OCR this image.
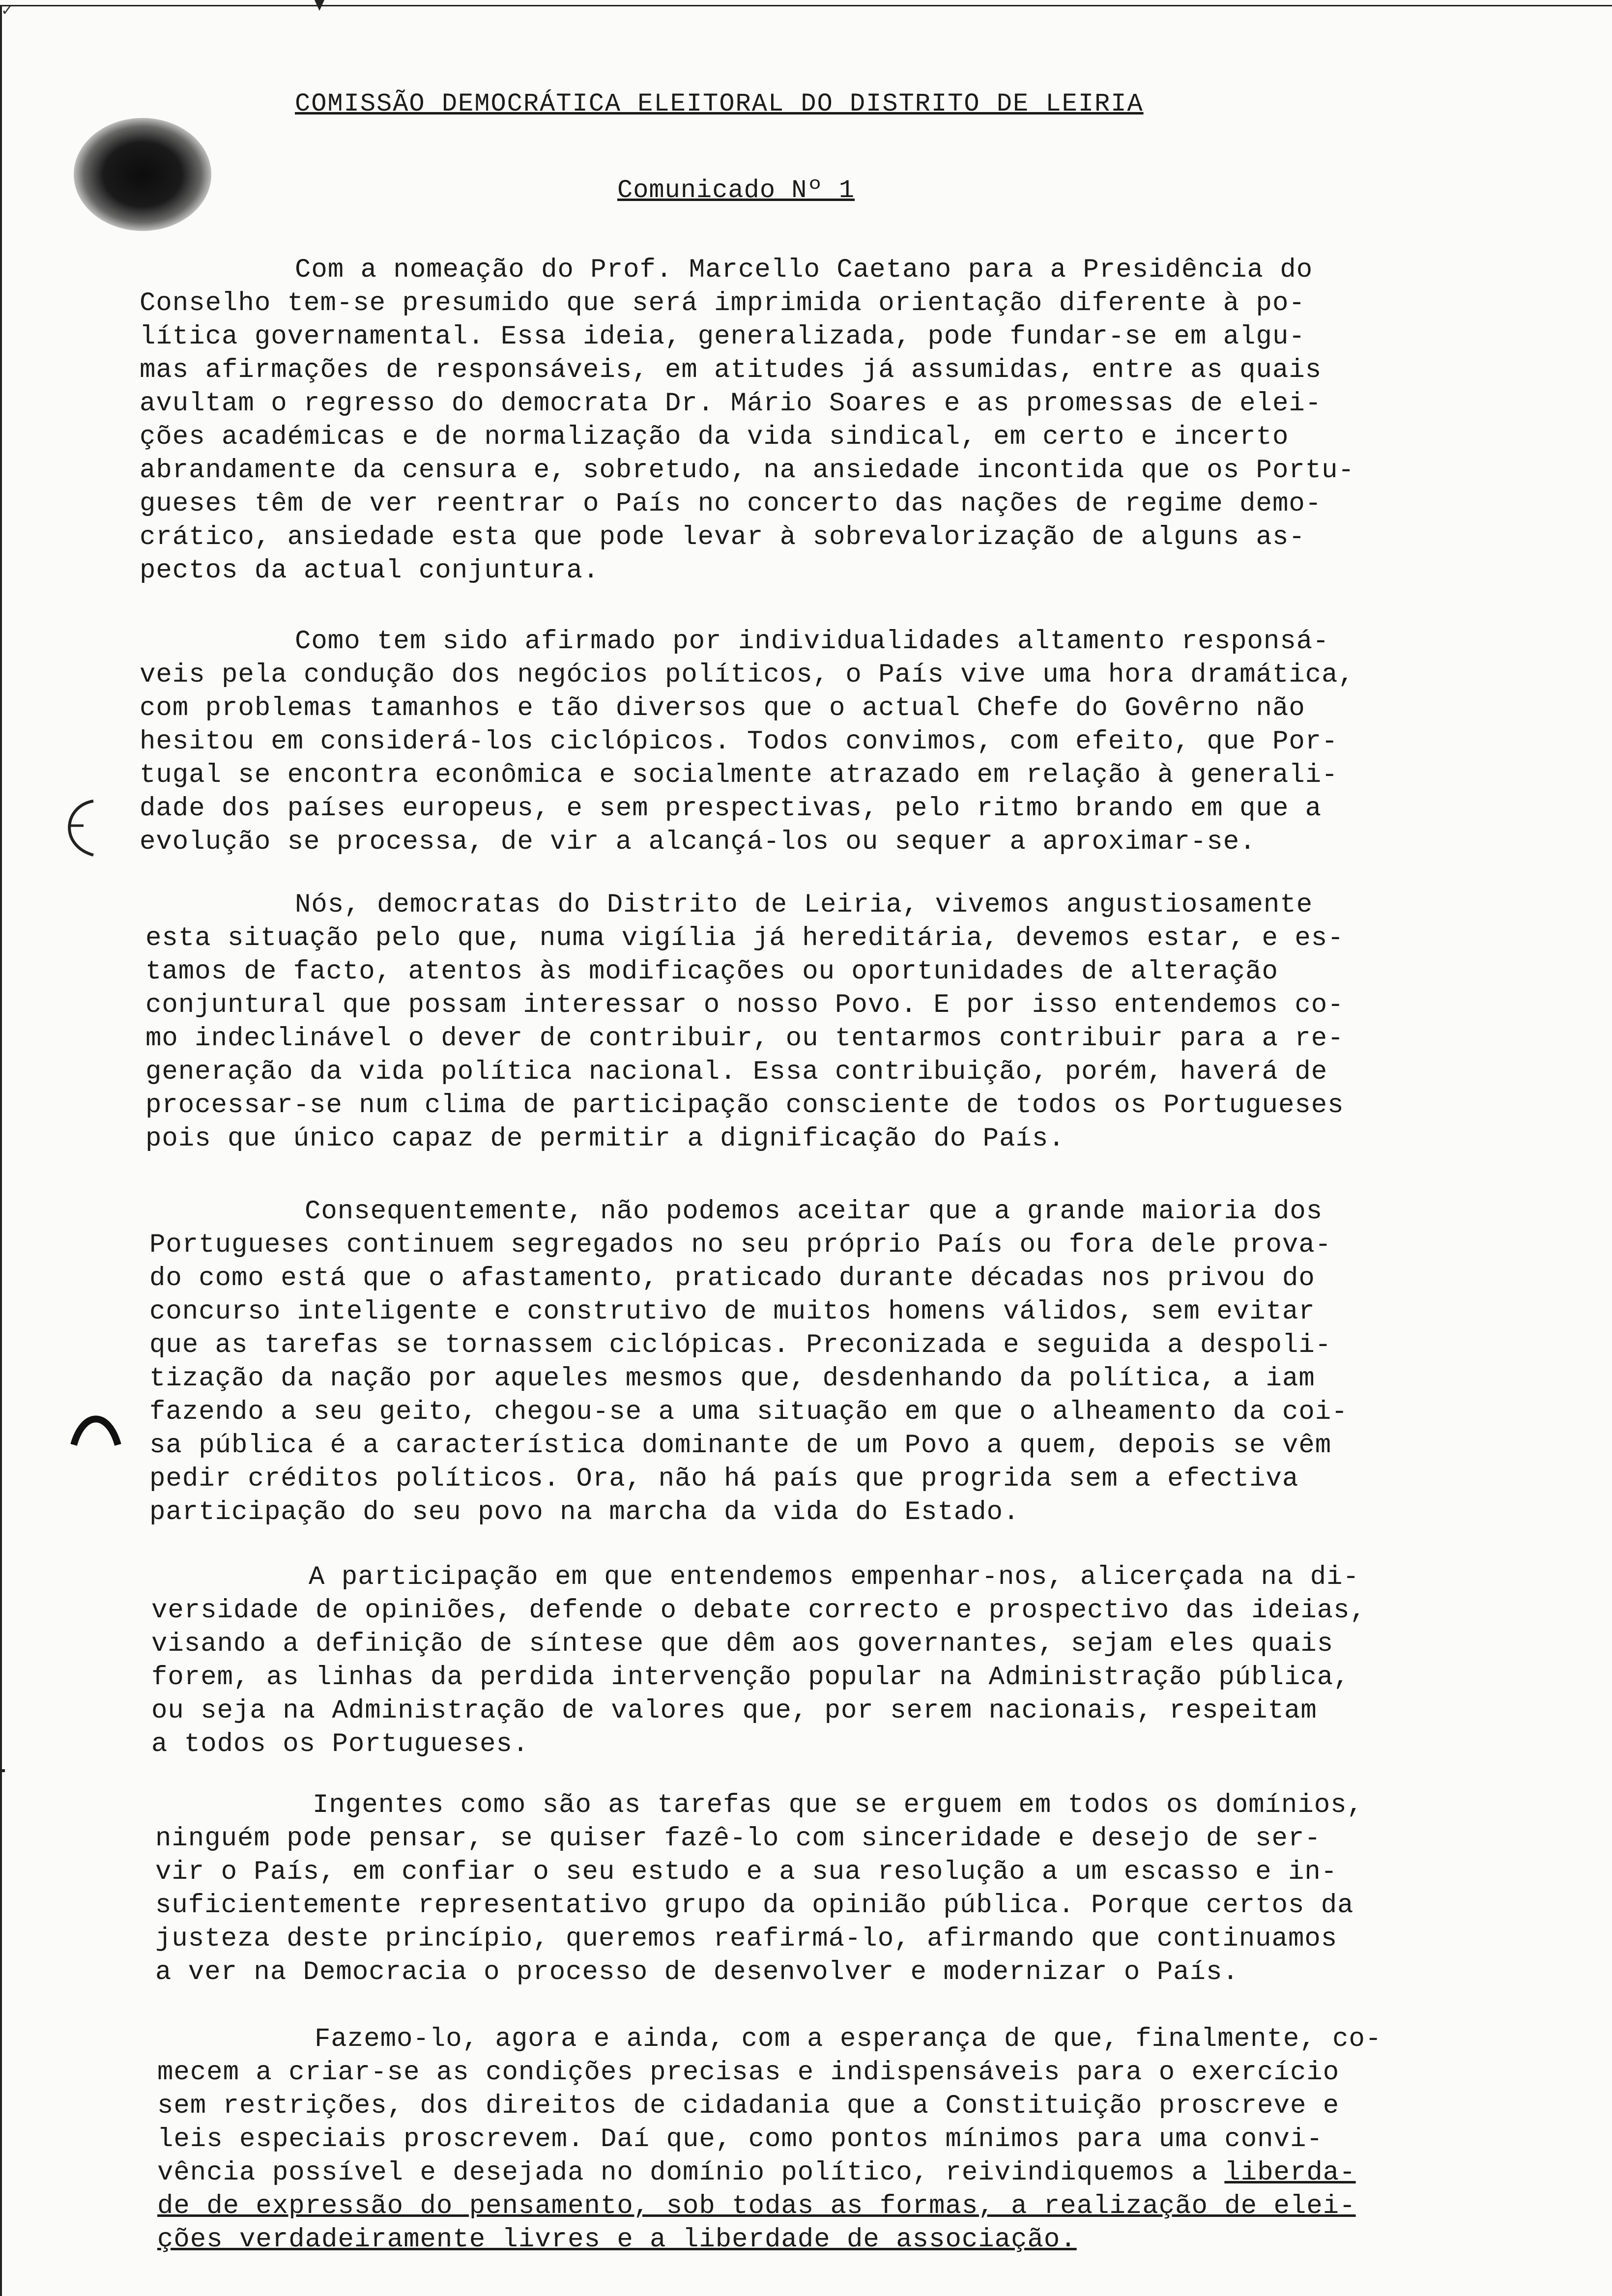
✓
COMISSÃO DEMOCRÁTICA ELEITORAL DO DISTRITO DE LEIRIA
Comunicado Nº 1
Com a nomeação do Prof. Marcello Caetano para a Presidência do
Conselho tem-se presumido que será imprimida orientação diferente à po-
lítica governamental. Essa ideia, generalizada, pode fundar-se em algu-
mas afirmações de responsáveis, em atitudes já assumidas, entre as quais
avultam o regresso do democrata Dr. Mário Soares e as promessas de elei-
ções académicas e de normalização da vida sindical, em certo e incerto
abrandamente da censura e, sobretudo, na ansiedade incontida que os Portu-
gueses têm de ver reentrar o País no concerto das nações de regime demo-
crático, ansiedade esta que pode levar à sobrevalorização de alguns as-
pectos da actual conjuntura.
Como tem sido afirmado por individualidades altamento responsá-
veis pela condução dos negócios políticos, o País vive uma hora dramática,
com problemas tamanhos e tão diversos que o actual Chefe do Govêrno não
hesitou em considerá-los ciclópicos. Todos convimos, com efeito, que Por-
tugal se encontra econômica e socialmente atrazado em relação à generali-
dade dos países europeus, e sem prespectivas, pelo ritmo brando em que a
evolução se processa, de vir a alcançá-los ou sequer a aproximar-se.
Nós, democratas do Distrito de Leiria, vivemos angustiosamente
esta situação pelo que, numa vigília já hereditária, devemos estar, e es-
tamos de facto, atentos às modificações ou oportunidades de alteração
conjuntural que possam interessar o nosso Povo. E por isso entendemos co-
mo indeclinável o dever de contribuir, ou tentarmos contribuir para a re-
generação da vida política nacional. Essa contribuição, porém, haverá de
processar-se num clima de participação consciente de todos os Portugueses
pois que único capaz de permitir a dignificação do País.
Consequentemente, não podemos aceitar que a grande maioria dos
Portugueses continuem segregados no seu próprio País ou fora dele prova-
do como está que o afastamento, praticado durante décadas nos privou do
concurso inteligente e construtivo de muitos homens válidos, sem evitar
que as tarefas se tornassem ciclópicas. Preconizada e seguida a despoli-
tização da nação por aqueles mesmos que, desdenhando da política, a iam
fazendo a seu geito, chegou-se a uma situação em que o alheamento da coi-
sa pública é a característica dominante de um Povo a quem, depois se vêm
pedir créditos políticos. Ora, não há país que progrida sem a efectiva
participação do seu povo na marcha da vida do Estado.
A participação em que entendemos empenhar-nos, alicerçada na di-
versidade de opiniões, defende o debate correcto e prospectivo das ideias,
visando a definição de síntese que dêm aos governantes, sejam eles quais
forem, as linhas da perdida intervenção popular na Administração pública,
ou seja na Administração de valores que, por serem nacionais, respeitam
a todos os Portugueses.
Ingentes como são as tarefas que se erguem em todos os domínios,
ninguém pode pensar, se quiser fazê-lo com sinceridade e desejo de ser-
vir o País, em confiar o seu estudo e a sua resolução a um escasso e in-
suficientemente representativo grupo da opinião pública. Porque certos da
justeza deste princípio, queremos reafirmá-lo, afirmando que continuamos
a ver na Democracia o processo de desenvolver e modernizar o País.
Fazemo-lo, agora e ainda, com a esperança de que, finalmente, co-
mecem a criar-se as condições precisas e indispensáveis para o exercício
sem restrições, dos direitos de cidadania que a Constituição proscreve e
leis especiais proscrevem. Daí que, como pontos mínimos para uma convi-
vência possível e desejada no domínio político, reivindiquemos a liberda-
de de expressão do pensamento, sob todas as formas, a realização de elei-
ções verdadeiramente livres e a liberdade de associação.
